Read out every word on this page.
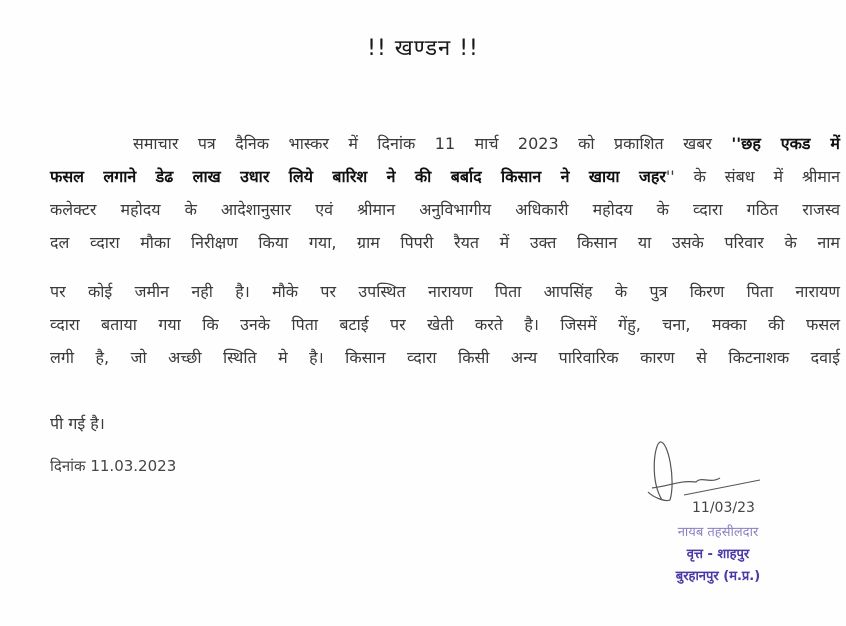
!! खण्डन !!
समाचार पत्र दैनिक भास्कर में दिनांक 11 मार्च 2023 को प्रकाशित खबर ''छह एकड में
फसल लगाने डेढ लाख उधार लिये बारिश ने की बर्बाद किसान ने खाया जहर'' के संबध में श्रीमान
कलेक्टर महोदय के आदेशानुसार एवं श्रीमान अनुविभागीय अधिकारी महोदय के व्दारा गठित राजस्व
दल व्दारा मौका निरीक्षण किया गया, ग्राम पिपरी रैयत में उक्त किसान या उसके परिवार के नाम
पर कोई जमीन नही है। मौके पर उपस्थित नारायण पिता आपसिंह के पुत्र किरण पिता नारायण
व्दारा बताया गया कि उनके पिता बटाई पर खेती करते है। जिसमें गेंहु, चना, मक्का की फसल
लगी है, जो अच्छी स्थिति मे है। किसान व्दारा किसी अन्य पारिवारिक कारण से किटनाशक दवाई
पी गई है।
दिनांक 11.03.2023
11/03/23
नायब तहसीलदार
वृत्त - शाहपुर
बुरहानपुर (म.प्र.)
